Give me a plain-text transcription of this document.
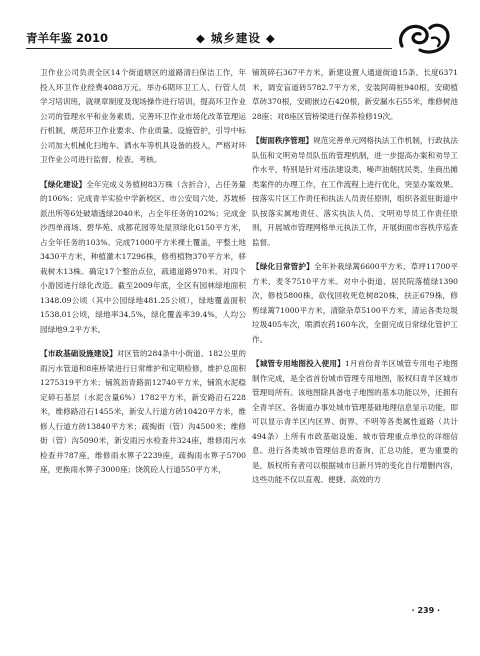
青羊年鉴 2010	◆ 城乡建设 ◆

卫作业公司负责全区14个街道辖区的道路清扫保洁工作，年投入环卫作业经费4088万元。举办6期环卫工人、行管人员学习培训班，就规章制度及现场操作进行培训，提高环卫作业公司的管理水平和业务素质。完善环卫作业市场化改革管理运行机制，规范环卫作业要求、作业质量、设施管护，引导中标公司加大机械化扫地车、洒水车等机具设备的投入，严格对环卫作业公司进行监督、检查、考核。

【绿化建设】全年完成义务植树83万株（含折合），占任务量的106%；完成青羊实验中学新校区、市公安局六处、苏坡桥派出所等6处破墙透绿2040米，占全年任务的102%；完成金沙西单商场、碧华苑、成都花园等处屋顶绿化6150平方米，占全年任务的103%。完成71000平方米裸土覆盖，平整土地3430平方米，种植灌木17296株，修剪植物370平方米，移栽树木13株。确定17个整治点位，疏通道路970米。对四个小游园进行绿化改造。截至2009年底，全区有园林绿地面积1348.09公顷（其中公园绿地481.25公顷），绿地覆盖面积1538.01公顷，绿地率34.5%，绿化覆盖率39.4%，人均公园绿地9.2平方米。

【市政基础设施建设】对区管的284条中小街道、182公里的雨污水管道和8座桥梁进行日常维护和定期检修，维护总面积1275319平方米；铺筑沥青路面12740平方米，铺筑水泥稳定碎石基层（水泥含量6%）1782平方米，新安路沿石228米，维修路沿石1455米，新安人行道方砖10420平方米，维修人行道方砖13840平方米；疏掏街（管）沟4500米；维修街（管）沟5090米，新安雨污水检查井324座，维修雨污水检查井787座，维修雨水箅子2239座，疏掏雨水箅子5700座，更换雨水箅子3000座；饶筑砼人行道550平方米，

铺筑碎石367平方米，新建设置人通道街道15条、长度6371米，调安盲道砖5782.7平方米，安装阿碍桩940根，安砌植草砖370根，安砌嵌边石420根，新安漏水石55米，维修树池28座；对8座区管桥梁进行保养检修19次。

【街面秩序管理】规范完善单元网格执法工作机制，行政执法队伍和文明劝导员队伍的管理机制，进一步提高办案和劝导工作水平，特别是针对违法建设类、噪声油烟扰民类、坐商出摊类案件的办理工作，在工作流程上进行优化，突显办案效果。按落实片区工作责任和执法人员责任原则，组织各派驻街道中队按落实属地责任、落实执法人员、文明劝导员工作责任原则，开展城市管理网格单元执法工作，开展街面市容秩序巡查监督。

【绿化日常管护】全年补栽绿篱6600平方米、草坪11700平方米、麦冬7510平方米。对中小街道、居民院落植绿1390次，修枝5800株，砍伐回收死危树820株，扶正679株，修剪绿篱71000平方米，清除杂草5100平方米，清运各类垃圾垃圾405车次，喷洒农药160车次，全面完成日常绿化管护工作。

【城管专用地图投入使用】1月首份青羊区城管专用电子地图制作完成，是全省首份城市管理专用地图，版权归青羊区城市管理局所有。该地图除具备电子地图的基本功能以外，还拥有全青羊区、各街道办事处城市管理基础地理信息显示功能，即可以显示青羊区内区界、街界、不明等各类属性道路（共计494条）上所有市政基础设施、城市管理重点单位的详细信息。进行各类城市管理信息的查询、汇总功能，更为重要的是，版权所有者可以根据城市日新月异的变化自行增删内容，这些功能不仅以直观、便捷、高效的方

· 239 ·
